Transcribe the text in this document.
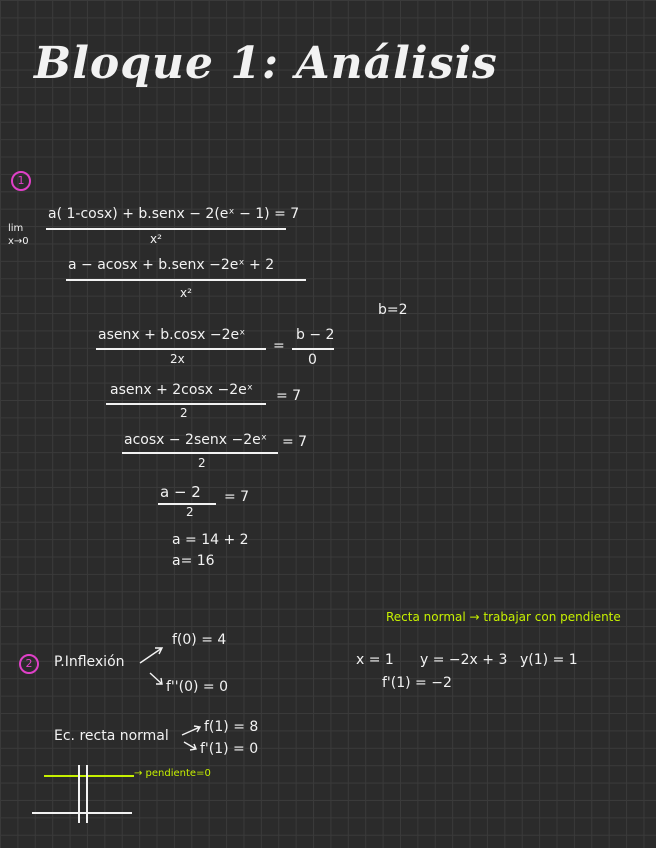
Bloque 1: Análisis
1
lim
x→0
a( 1-cosx) + b.senx − 2(eˣ − 1) = 7
x²
a − acosx + b.senx −2eˣ + 2
x²
b=2
asenx + b.cosx −2eˣ
2x
=
b − 2
0
asenx + 2cosx −2eˣ
2
= 7
acosx − 2senx −2eˣ
2
= 7
a − 2
2
= 7
a = 14 + 2
a= 16
Recta normal → trabajar con pendiente
2	P.Inflexión
f(0) = 4
f''(0) = 0
x = 1 y = −2x + 3 y(1) = 1
f'(1) = −2
Ec. recta normal
f(1) = 8
f'(1) = 0
→ pendiente=0
